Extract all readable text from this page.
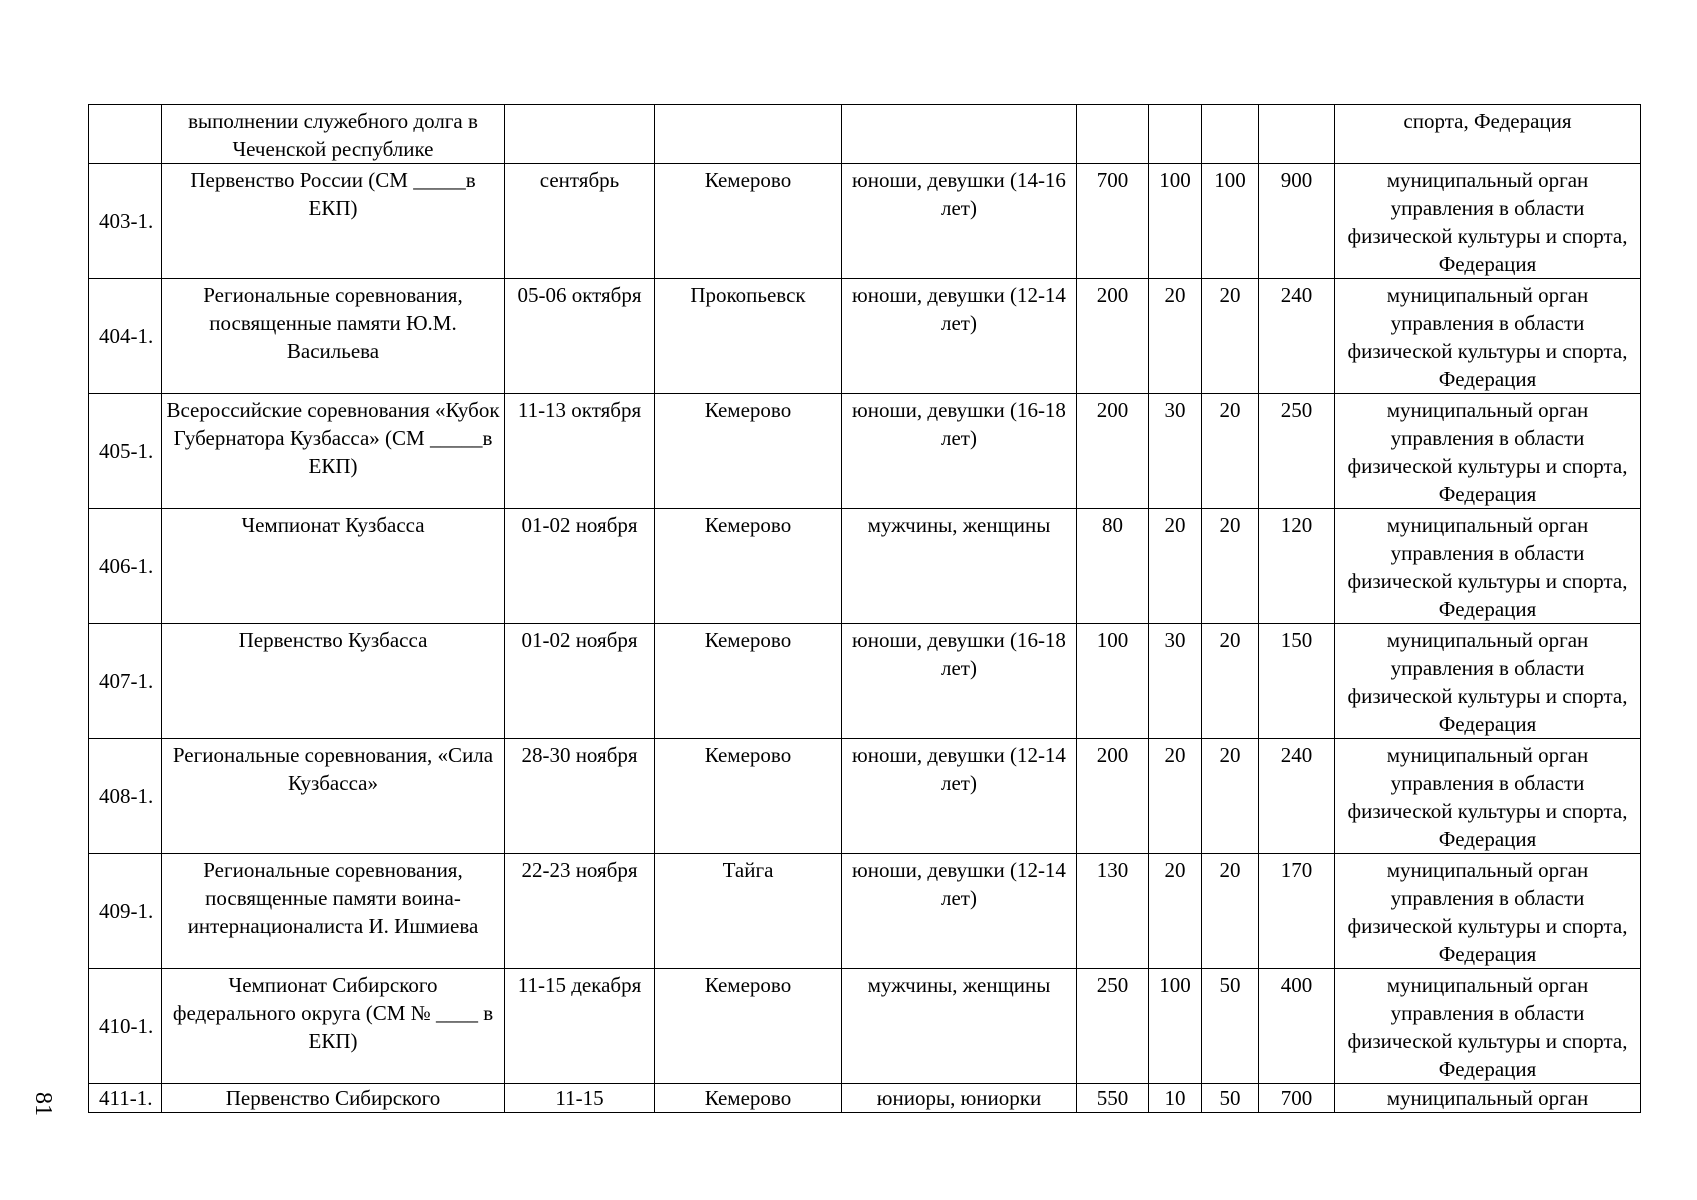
	выполнении служебного долга в Чеченской республике								спорта, Федерация
403-1.	Первенство России (СМ _____в ЕКП)	сентябрь	Кемерово	юноши, девушки (14-16 лет)	700	100	100	900	муниципальный орган управления в области физической культуры и спорта, Федерация
404-1.	Региональные соревнования, посвященные памяти Ю.М. Васильева	05-06 октября	Прокопьевск	юноши, девушки (12-14 лет)	200	20	20	240	муниципальный орган управления в области физической культуры и спорта, Федерация
405-1.	Всероссийские соревнования «Кубок Губернатора Кузбасса» (СМ _____в ЕКП)	11-13 октября	Кемерово	юноши, девушки (16-18 лет)	200	30	20	250	муниципальный орган управления в области физической культуры и спорта, Федерация
406-1.	Чемпионат Кузбасса	01-02 ноября	Кемерово	мужчины, женщины	80	20	20	120	муниципальный орган управления в области физической культуры и спорта, Федерация
407-1.	Первенство Кузбасса	01-02 ноября	Кемерово	юноши, девушки (16-18 лет)	100	30	20	150	муниципальный орган управления в области физической культуры и спорта, Федерация
408-1.	Региональные соревнования, «Сила Кузбасса»	28-30 ноября	Кемерово	юноши, девушки (12-14 лет)	200	20	20	240	муниципальный орган управления в области физической культуры и спорта, Федерация
409-1.	Региональные соревнования, посвященные памяти воина-интернационалиста И. Ишмиева	22-23 ноября	Тайга	юноши, девушки (12-14 лет)	130	20	20	170	муниципальный орган управления в области физической культуры и спорта, Федерация
410-1.	Чемпионат Сибирского федерального округа (СМ № ____ в ЕКП)	11-15 декабря	Кемерово	мужчины, женщины	250	100	50	400	муниципальный орган управления в области физической культуры и спорта, Федерация
411-1.	Первенство Сибирского	11-15	Кемерово	юниоры, юниорки	550	10	50	700	муниципальный орган
81
